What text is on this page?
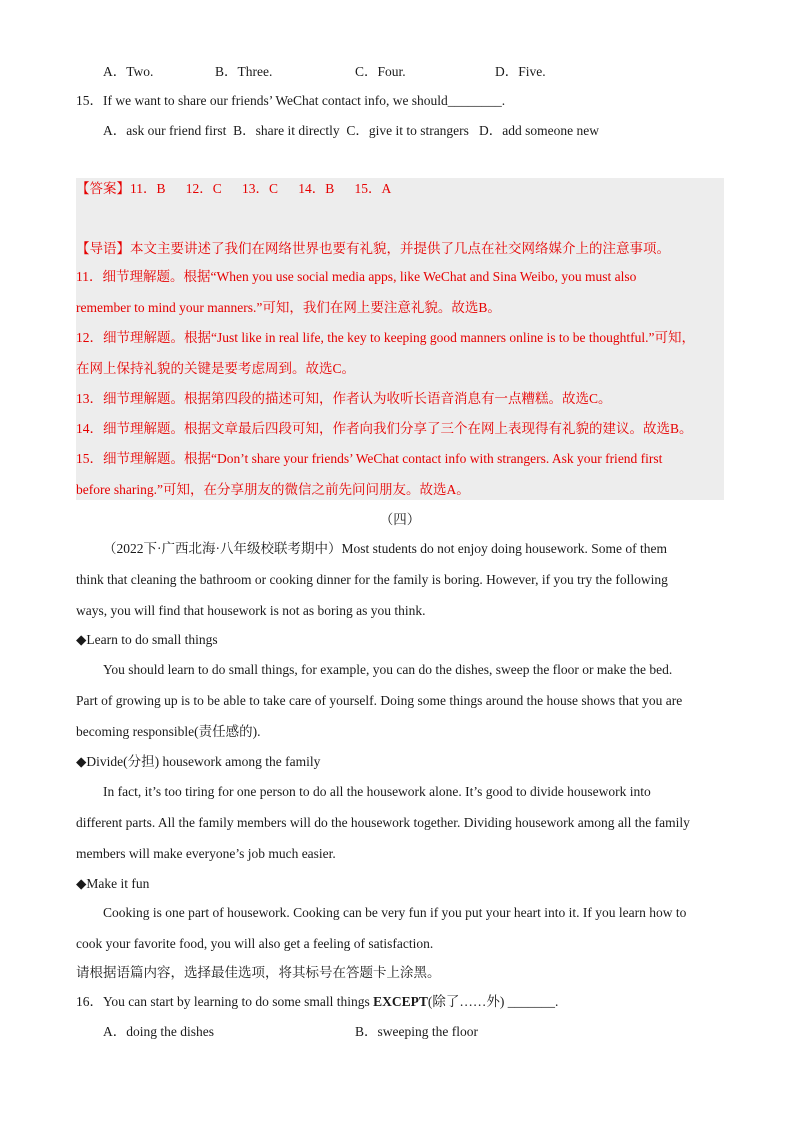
A．Two.	B．Three.	C．Four.	D．Five.
15．If we want to share our friends’ WeChat contact info, we should________.
A．ask our friend first  B．share it directly  C．give it to strangers   D．add someone new
【答案】11．B      12．C      13．C      14．B      15．A
【导语】本文主要讲述了我们在网络世界也要有礼貌，并提供了几点在社交网络媒介上的注意事项。
11．细节理解题。根据“When you use social media apps, like WeChat and Sina Weibo, you must also
remember to mind your manners.”可知，我们在网上要注意礼貌。故选B。
12．细节理解题。根据“Just like in real life, the key to keeping good manners online is to be thoughtful.”可知，
在网上保持礼貌的关键是要考虑周到。故选C。
13．细节理解题。根据第四段的描述可知，作者认为收听长语音消息有一点糟糕。故选C。
14．细节理解题。根据文章最后四段可知，作者向我们分享了三个在网上表现得有礼貌的建议。故选B。
15．细节理解题。根据“Don’t share your friends’ WeChat contact info with strangers. Ask your friend first
before sharing.”可知，在分享朋友的微信之前先问问朋友。故选A。
（四）
（2022下·广西北海·八年级校联考期中）Most students do not enjoy doing housework. Some of them
think that cleaning the bathroom or cooking dinner for the family is boring. However, if you try the following
ways, you will find that housework is not as boring as you think.
◆Learn to do small things
You should learn to do small things, for example, you can do the dishes, sweep the floor or make the bed.
Part of growing up is to be able to take care of yourself. Doing some things around the house shows that you are
becoming responsible(责任感的).
◆Divide(分担) housework among the family
In fact, it’s too tiring for one person to do all the housework alone. It’s good to divide housework into
different parts. All the family members will do the housework together. Dividing housework among all the family
members will make everyone’s job much easier.
◆Make it fun
Cooking is one part of housework. Cooking can be very fun if you put your heart into it. If you learn how to
cook your favorite food, you will also get a feeling of satisfaction.
请根据语篇内容，选择最佳选项，将其标号在答题卡上涂黑。
16．You can start by learning to do some small things EXCEPT(除了……外) _______.
A．doing the dishes	B．sweeping the floor
